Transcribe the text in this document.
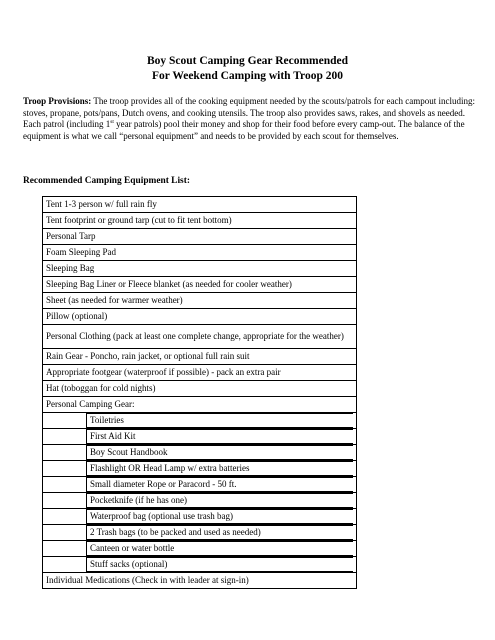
Boy Scout Camping Gear Recommended
For Weekend Camping with Troop 200
Troop Provisions: The troop provides all of the cooking equipment needed by the scouts/patrols for each campout including: stoves, propane, pots/pans, Dutch ovens, and cooking utensils. The troop also provides saws, rakes, and shovels as needed. Each patrol (including 1st year patrols) pool their money and shop for their food before every camp-out. The balance of the equipment is what we call “personal equipment” and needs to be provided by each scout for themselves.
Recommended Camping Equipment List:
Tent 1-3 person w/ full rain fly
Tent footprint or ground tarp (cut to fit tent bottom)
Personal Tarp
Foam Sleeping Pad
Sleeping Bag
Sleeping Bag Liner or Fleece blanket (as needed for cooler weather)
Sheet (as needed for warmer weather)
Pillow (optional)
Personal Clothing (pack at least one complete change, appropriate for the weather)
Rain Gear - Poncho, rain jacket, or optional full rain suit
Appropriate footgear (waterproof if possible) - pack an extra pair
Hat (toboggan for cold nights)
Personal Camping Gear:

Toiletries

First Aid Kit

Boy Scout Handbook

Flashlight OR Head Lamp w/ extra batteries

Small diameter Rope or Paracord - 50 ft.

Pocketknife (if he has one)

Waterproof bag (optional use trash bag)

2 Trash bags (to be packed and used as needed)

Canteen or water bottle

Stuff sacks (optional)

Individual Medications (Check in with leader at sign-in)
